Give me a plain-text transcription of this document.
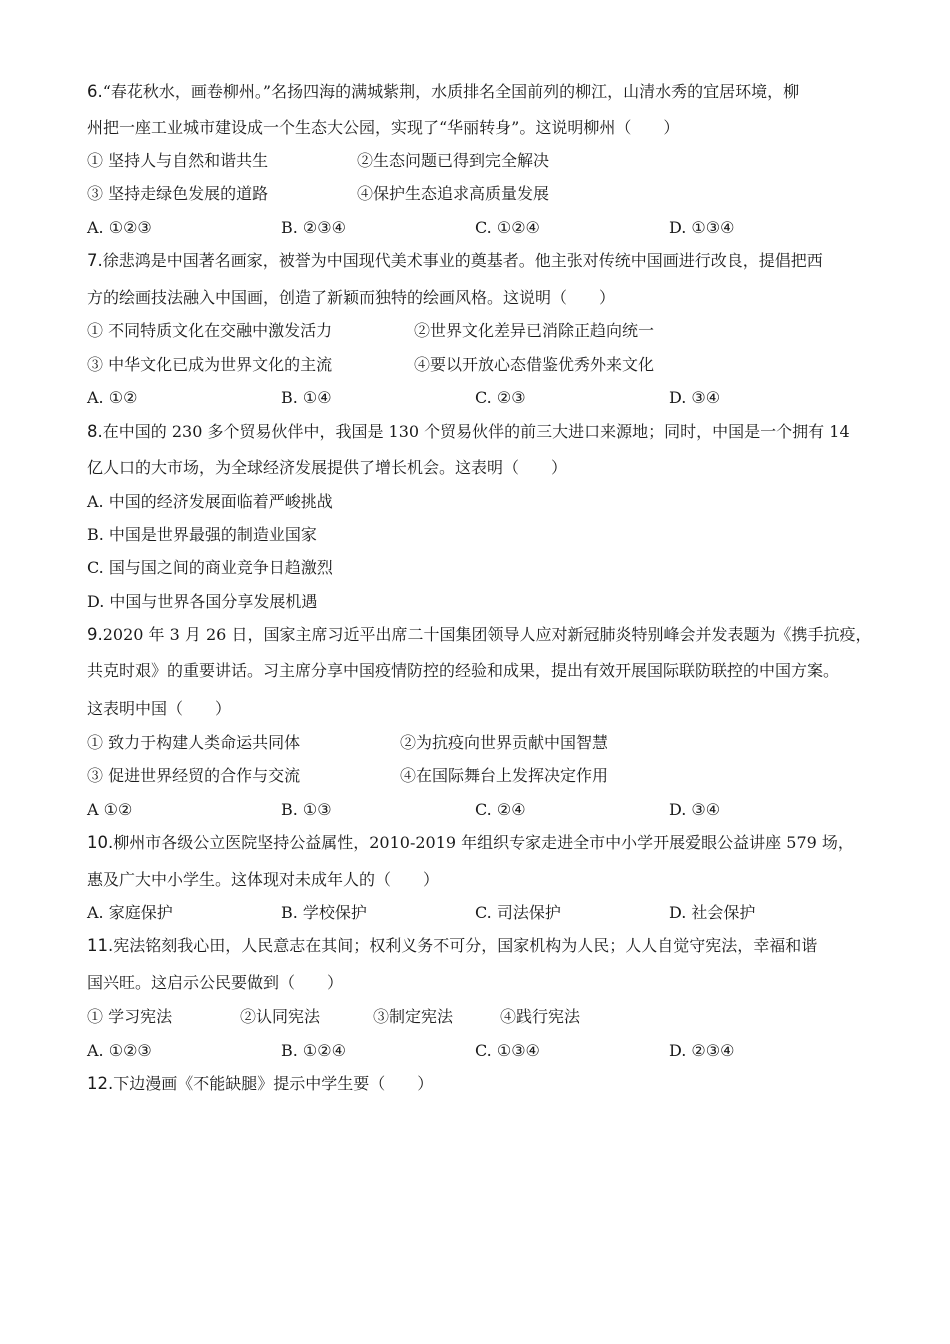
6.“春花秋水，画卷柳州。”名扬四海的满城紫荆，水质排名全国前列的柳江，山清水秀的宜居环境，柳
州把一座工业城市建设成一个生态大公园，实现了“华丽转身”。这说明柳州（　　）
① 坚持人与自然和谐共生	②生态问题已得到完全解决
③ 坚持走绿色发展的道路	④保护生态追求高质量发展
A. ①②③	B. ②③④	C. ①②④	D. ①③④
7.徐悲鸿是中国著名画家，被誉为中国现代美术事业的奠基者。他主张对传统中国画进行改良，提倡把西
方的绘画技法融入中国画，创造了新颖而独特的绘画风格。这说明（　　）
① 不同特质文化在交融中激发活力	②世界文化差异已消除正趋向统一
③ 中华文化已成为世界文化的主流	④要以开放心态借鉴优秀外来文化
A. ①②	B. ①④	C. ②③	D. ③④
8.在中国的 230 多个贸易伙伴中，我国是 130 个贸易伙伴的前三大进口来源地；同时，中国是一个拥有 14
亿人口的大市场，为全球经济发展提供了增长机会。这表明（　　）
A. 中国的经济发展面临着严峻挑战
B. 中国是世界最强的制造业国家
C. 国与国之间的商业竞争日趋激烈
D. 中国与世界各国分享发展机遇
9.2020 年 3 月 26 日，国家主席习近平出席二十国集团领导人应对新冠肺炎特别峰会并发表题为《携手抗疫，
共克时艰》的重要讲话。习主席分享中国疫情防控的经验和成果，提出有效开展国际联防联控的中国方案。
这表明中国（　　）
① 致力于构建人类命运共同体	②为抗疫向世界贡献中国智慧
③ 促进世界经贸的合作与交流	④在国际舞台上发挥决定作用
A ①②	B. ①③	C. ②④	D. ③④
10.柳州市各级公立医院坚持公益属性，2010-2019 年组织专家走进全市中小学开展爱眼公益讲座 579 场，
惠及广大中小学生。这体现对未成年人的（　　）
A. 家庭保护	B. 学校保护	C. 司法保护	D. 社会保护
11.宪法铭刻我心田，人民意志在其间；权利义务不可分，国家机构为人民；人人自觉守宪法，幸福和谐
国兴旺。这启示公民要做到（　　）
① 学习宪法	②认同宪法	③制定宪法	④践行宪法
A. ①②③	B. ①②④	C. ①③④	D. ②③④
12.下边漫画《不能缺腿》提示中学生要（　　）
